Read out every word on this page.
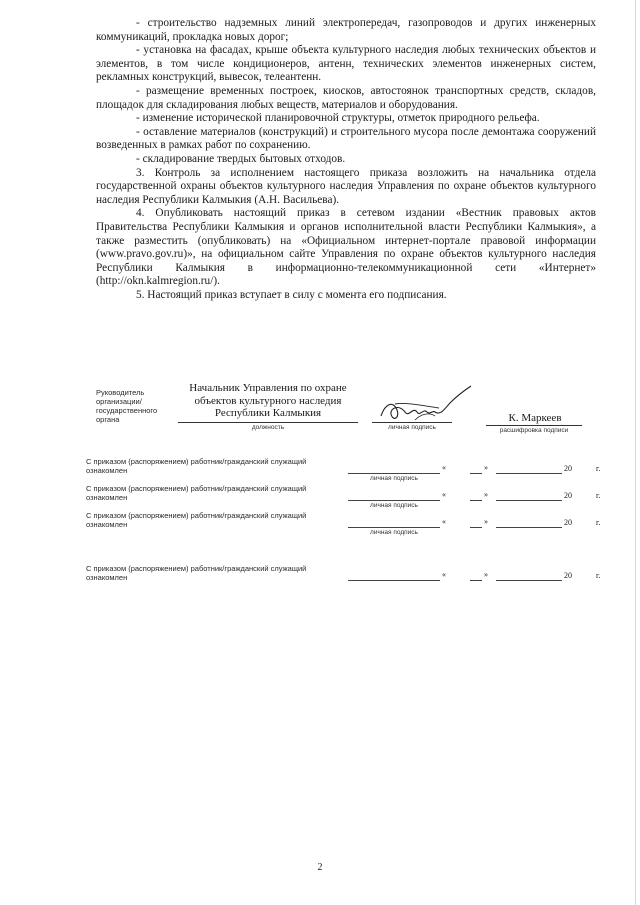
- строительство надземных линий электропередач, газопроводов и других инженерных коммуникаций, прокладка новых дорог;

- установка на фасадах, крыше объекта культурного наследия любых технических объектов и элементов, в том числе кондиционеров, антенн, технических элементов инженерных систем, рекламных конструкций, вывесок, телеантенн.

- размещение временных построек, киосков, автостоянок транспортных средств, складов, площадок для складирования любых веществ, материалов и оборудования.

- изменение исторической планировочной структуры, отметок природного рельефа.

- оставление материалов (конструкций) и строительного мусора после демонтажа сооружений возведенных в рамках работ по сохранению.

- складирование твердых бытовых отходов.

3. Контроль за исполнением настоящего приказа возложить на начальника отдела государственной охраны объектов культурного наследия Управления по охране объектов культурного наследия Республики Калмыкия (А.Н. Васильева).

4. Опубликовать настоящий приказ в сетевом издании «Вестник правовых актов Правительства Республики Калмыкия и органов исполнительной власти Республики Калмыкия», а также разместить (опубликовать) на «Официальном интернет-портале правовой информации (www.pravo.gov.ru)», на официальном сайте Управления по охране объектов культурного наследия Республики Калмыкия в информационно-телекоммуникационной сети «Интернет» (http://okn.kalmregion.ru/).

5. Настоящий приказ вступает в силу с момента его подписания.

Руководитель организации/государственного органа
Начальник Управления по охране объектов культурного наследия Республики Калмыкия
должность	личная подпись
К. Маркеев
расшифровка подписи
С приказом (распоряжением) работник/гражданский служащий ознакомлен
личная подпись
«	»	20	г.
С приказом (распоряжением) работник/гражданский служащий ознакомлен
личная подпись
«	»	20	г.
С приказом (распоряжением) работник/гражданский служащий ознакомлен
личная подпись
«	»	20	г.
С приказом (распоряжением) работник/гражданский служащий ознакомлен	«	»	20	г.
2
